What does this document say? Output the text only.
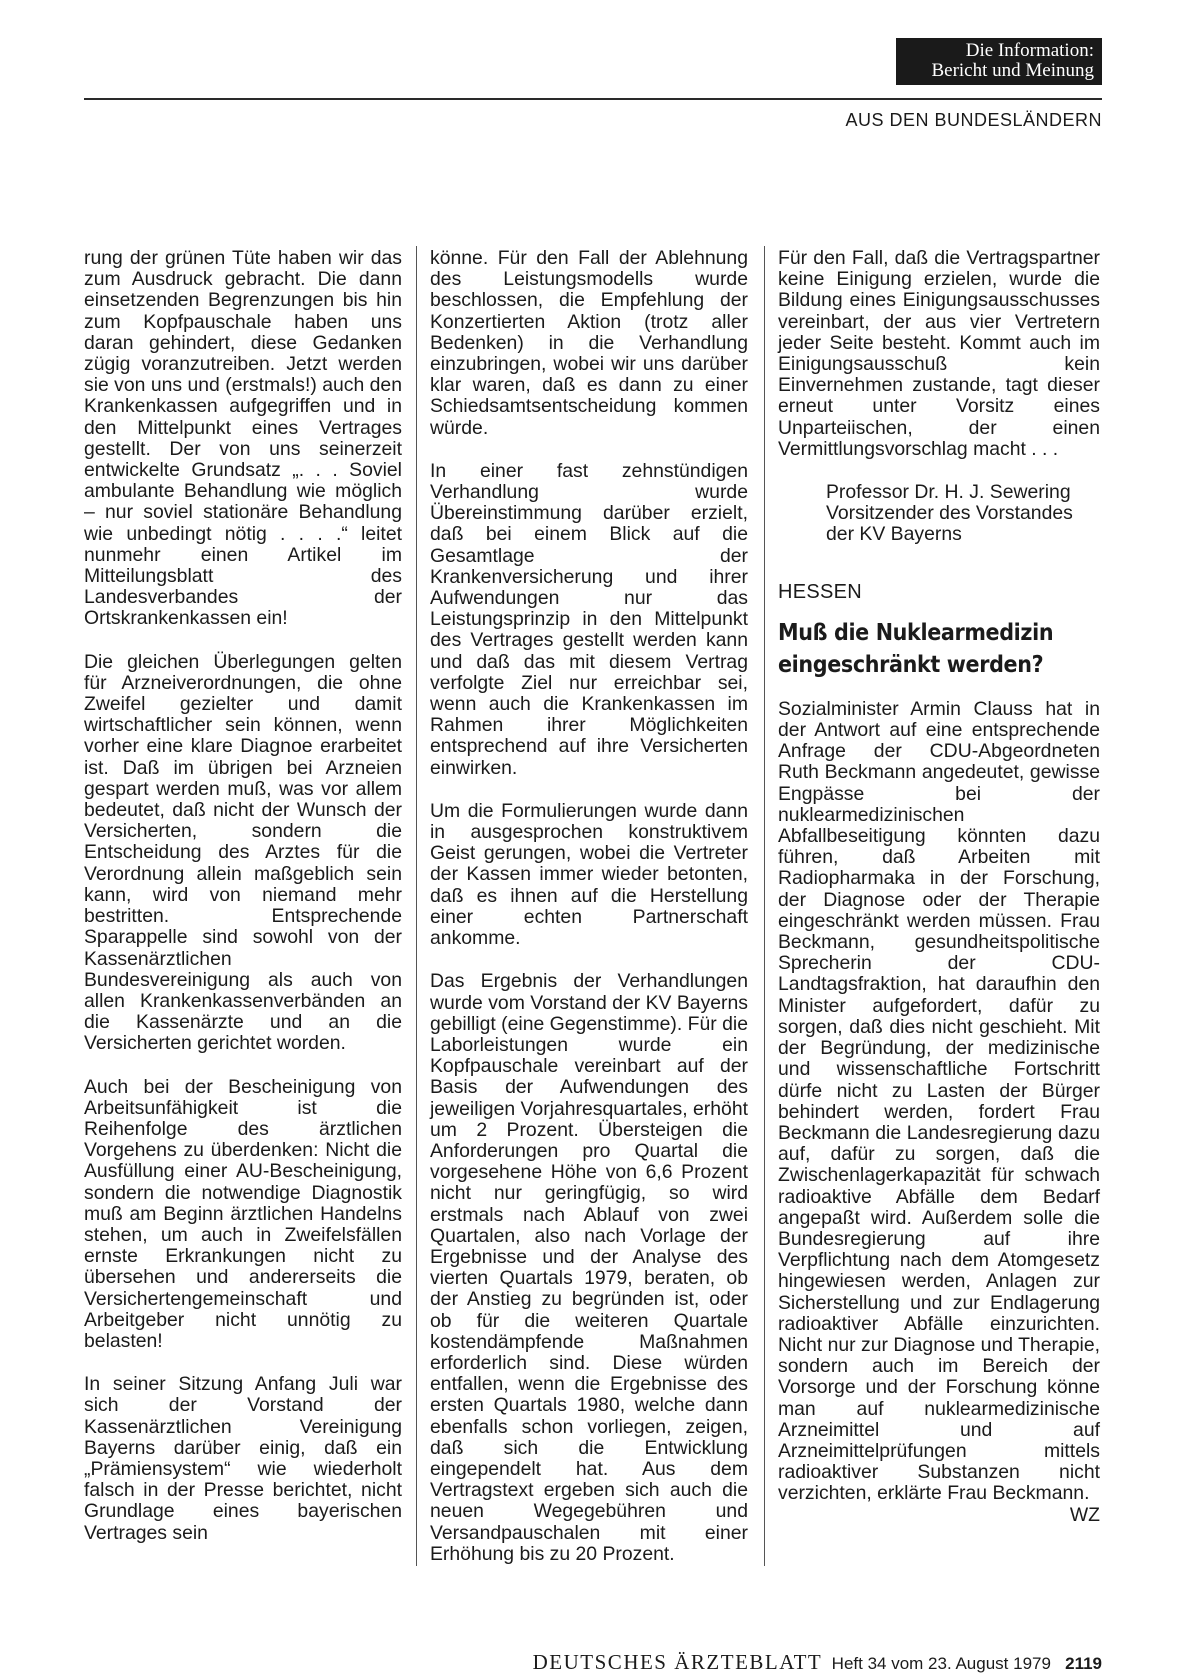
Die Information:
Bericht und Meinung
AUS DEN BUNDESLÄNDERN

rung der grünen Tüte haben wir das zum Ausdruck gebracht. Die dann einsetzenden Begrenzungen bis hin zum Kopfpauschale haben uns daran gehindert, diese Gedanken zügig voranzutreiben. Jetzt werden sie von uns und (erstmals!) auch den Krankenkassen aufgegriffen und in den Mittelpunkt eines Vertrages gestellt. Der von uns seinerzeit entwickelte Grundsatz „. . . Soviel ambulante Behandlung wie möglich – nur soviel stationäre Behandlung wie unbedingt nötig . . . .“ leitet nunmehr einen Artikel im Mitteilungsblatt des Landesverbandes der Ortskrankenkassen ein!

Die gleichen Überlegungen gelten für Arzneiverordnungen, die ohne Zweifel gezielter und damit wirtschaftlicher sein können, wenn vorher eine klare Diagnoe erarbeitet ist. Daß im übrigen bei Arzneien gespart werden muß, was vor allem bedeutet, daß nicht der Wunsch der Versicherten, sondern die Entscheidung des Arztes für die Verordnung allein maßgeblich sein kann, wird von niemand mehr bestritten. Entsprechende Sparappelle sind sowohl von der Kassenärztlichen Bundesvereinigung als auch von allen Krankenkassenverbänden an die Kassenärzte und an die Versicherten gerichtet worden.

Auch bei der Bescheinigung von Arbeitsunfähigkeit ist die Reihenfolge des ärztlichen Vorgehens zu überdenken: Nicht die Ausfüllung einer AU-Bescheinigung, sondern die notwendige Diagnostik muß am Beginn ärztlichen Handelns stehen, um auch in Zweifelsfällen ernste Erkrankungen nicht zu übersehen und andererseits die Versichertengemeinschaft und Arbeitgeber nicht unnötig zu belasten!

In seiner Sitzung Anfang Juli war sich der Vorstand der Kassenärztlichen Vereinigung Bayerns darüber einig, daß ein „Prämiensystem“ wie wiederholt falsch in der Presse berichtet, nicht Grundlage eines bayerischen Vertrages sein

könne. Für den Fall der Ablehnung des Leistungsmodells wurde beschlossen, die Empfehlung der Konzertierten Aktion (trotz aller Bedenken) in die Verhandlung einzubringen, wobei wir uns darüber klar waren, daß es dann zu einer Schiedsamtsentscheidung kommen würde.

In einer fast zehnstündigen Verhandlung wurde Übereinstimmung darüber erzielt, daß bei einem Blick auf die Gesamtlage der Krankenversicherung und ihrer Aufwendungen nur das Leistungsprinzip in den Mittelpunkt des Vertrages gestellt werden kann und daß das mit diesem Vertrag verfolgte Ziel nur erreichbar sei, wenn auch die Krankenkassen im Rahmen ihrer Möglichkeiten entsprechend auf ihre Versicherten einwirken.

Um die Formulierungen wurde dann in ausgesprochen konstruktivem Geist gerungen, wobei die Vertreter der Kassen immer wieder betonten, daß es ihnen auf die Herstellung einer echten Partnerschaft ankomme.

Das Ergebnis der Verhandlungen wurde vom Vorstand der KV Bayerns gebilligt (eine Gegenstimme). Für die Laborleistungen wurde ein Kopfpauschale vereinbart auf der Basis der Aufwendungen des jeweiligen Vorjahresquartales, erhöht um 2 Prozent. Übersteigen die Anforderungen pro Quartal die vorgesehene Höhe von 6,6 Prozent nicht nur geringfügig, so wird erstmals nach Ablauf von zwei Quartalen, also nach Vorlage der Ergebnisse und der Analyse des vierten Quartals 1979, beraten, ob der Anstieg zu begründen ist, oder ob für die weiteren Quartale kostendämpfende Maßnahmen erforderlich sind. Diese würden entfallen, wenn die Ergebnisse des ersten Quartals 1980, welche dann ebenfalls schon vorliegen, zeigen, daß sich die Entwicklung eingependelt hat. Aus dem Vertragstext ergeben sich auch die neuen Wegegebühren und Versandpauschalen mit einer Erhöhung bis zu 20 Prozent.

Für den Fall, daß die Vertragspartner keine Einigung erzielen, wurde die Bildung eines Einigungsausschusses vereinbart, der aus vier Vertretern jeder Seite besteht. Kommt auch im Einigungsausschuß kein Einvernehmen zustande, tagt dieser erneut unter Vorsitz eines Unparteiischen, der einen Vermittlungsvorschlag macht . . .

Professor Dr. H. J. Sewering
Vorsitzender des Vorstandes
der KV Bayerns

HESSEN

Muß die Nuklearmedizin
eingeschränkt werden?

Sozialminister Armin Clauss hat in der Antwort auf eine entsprechende Anfrage der CDU-Abgeordneten Ruth Beckmann angedeutet, gewisse Engpässe bei der nuklearmedizinischen Abfallbeseitigung könnten dazu führen, daß Arbeiten mit Radiopharmaka in der Forschung, der Diagnose oder der Therapie eingeschränkt werden müssen. Frau Beckmann, gesundheitspolitische Sprecherin der CDU-Landtagsfraktion, hat daraufhin den Minister aufgefordert, dafür zu sorgen, daß dies nicht geschieht. Mit der Begründung, der medizinische und wissenschaftliche Fortschritt dürfe nicht zu Lasten der Bürger behindert werden, fordert Frau Beckmann die Landesregierung dazu auf, dafür zu sorgen, daß die Zwischenlagerkapazität für schwach radioaktive Abfälle dem Bedarf angepaßt wird. Außerdem solle die Bundesregierung auf ihre Verpflichtung nach dem Atomgesetz hingewiesen werden, Anlagen zur Sicherstellung und zur Endlagerung radioaktiver Abfälle einzurichten. Nicht nur zur Diagnose und Therapie, sondern auch im Bereich der Vorsorge und der Forschung könne man auf nuklearmedizinische Arzneimittel und auf Arzneimittelprüfungen mittels radioaktiver Substanzen nicht verzichten, erklärte Frau Beckmann.
WZ

DEUTSCHES ÄRZTEBLATT Heft 34 vom 23. August 1979 2119
